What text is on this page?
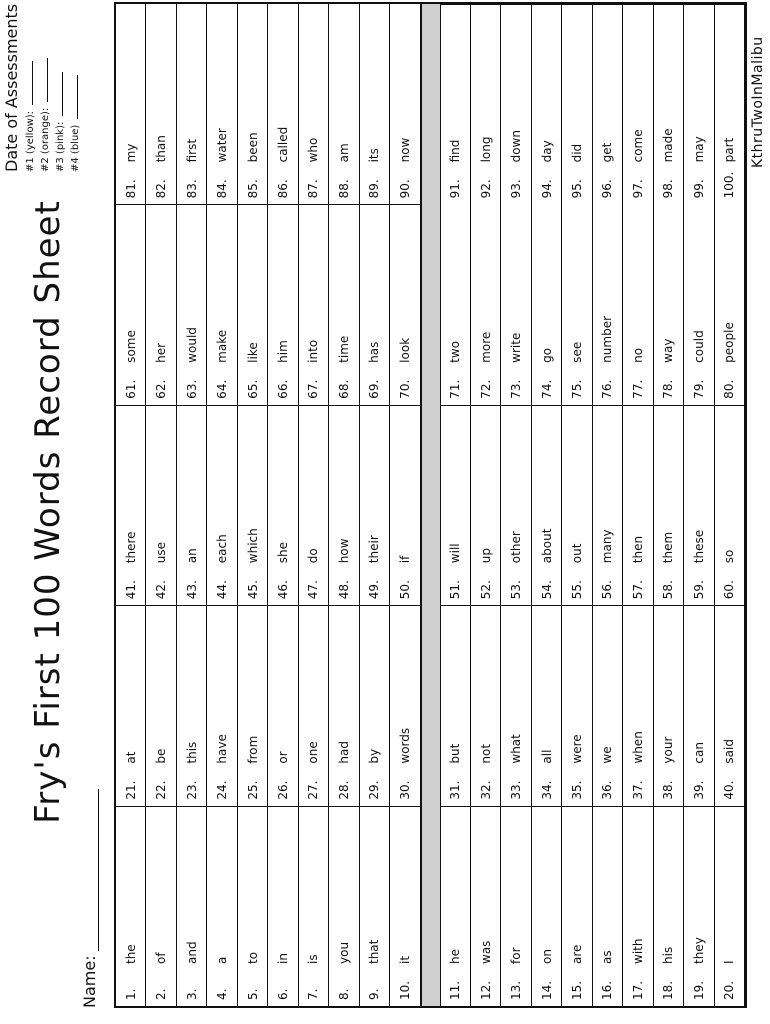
Fry's First 100 Words Record Sheet
Name:
Date of Assessments #1 (yellow): #2 (orange): #3 (pink): #4 (blue)
1.
the
21.
at
41.
there
61.
some
81.
my
2.
of
22.
be
42.
use
62.
her
82.
than
3.
and
23.
this
43.
an
63.
would
83.
first
4.
a
24.
have
44.
each
64.
make
84.
water
5.
to
25.
from
45.
which
65.
like
85.
been
6.
in
26.
or
46.
she
66.
him
86.
called
7.
is
27.
one
47.
do
67.
into
87.
who
8.
you
28.
had
48.
how
68.
time
88.
am
9.
that
29.
by
49.
their
69.
has
89.
its
10.
it
30.
words
50.
if
70.
look
90.
now
11.
he
31.
but
51.
will
71.
two
91.
find
12.
was
32.
not
52.
up
72.
more
92.
long
13.
for
33.
what
53.
other
73.
write
93.
down
14.
on
34.
all
54.
about
74.
go
94.
day
15.
are
35.
were
55.
out
75.
see
95.
did
16.
as
36.
we
56.
many
76.
number
96.
get
17.
with
37.
when
57.
then
77.
no
97.
come
18.
his
38.
your
58.
them
78.
way
98.
made
19.
they
39.
can
59.
these
79.
could
99.
may
20.
I
40.
said
60.
so
80.
people
100.
part KthruTwoInMalibu
